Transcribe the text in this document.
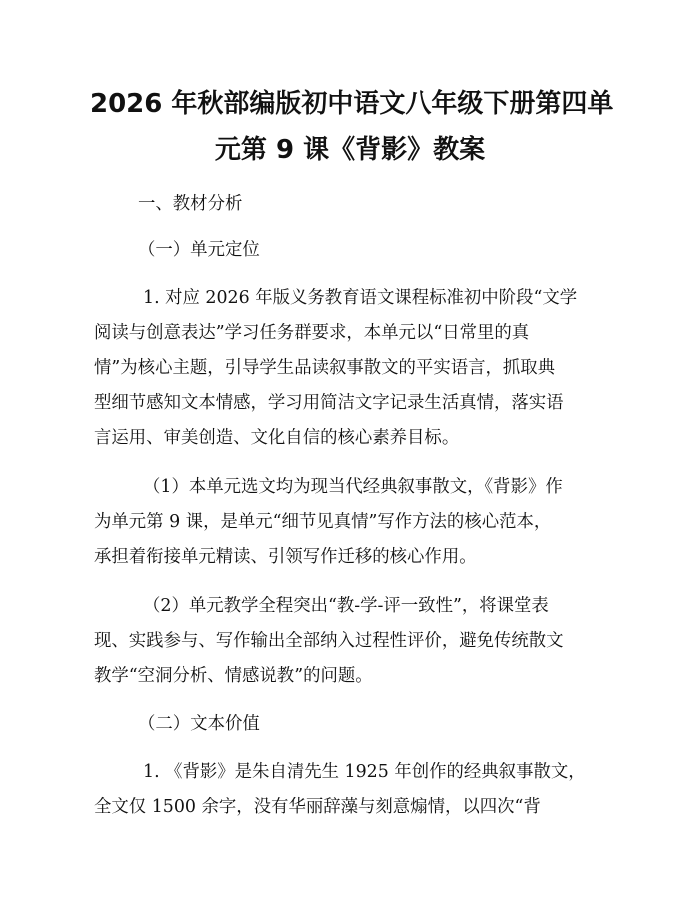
2026 年秋部编版初中语文八年级下册第四单
元第 9 课《背影》教案
一、教材分析
（一）单元定位
1. 对应 2026 年版义务教育语文课程标准初中阶段“文学
阅读与创意表达”学习任务群要求，本单元以“日常里的真
情”为核心主题，引导学生品读叙事散文的平实语言，抓取典
型细节感知文本情感，学习用简洁文字记录生活真情，落实语
言运用、审美创造、文化自信的核心素养目标。
（1）本单元选文均为现当代经典叙事散文，《背影》作
为单元第 9 课，是单元“细节见真情”写作方法的核心范本，
承担着衔接单元精读、引领写作迁移的核心作用。
（2）单元教学全程突出“教-学-评一致性”，将课堂表
现、实践参与、写作输出全部纳入过程性评价，避免传统散文
教学“空洞分析、情感说教”的问题。
（二）文本价值
1. 《背影》是朱自清先生 1925 年创作的经典叙事散文，
全文仅 1500 余字，没有华丽辞藻与刻意煽情，以四次“背
